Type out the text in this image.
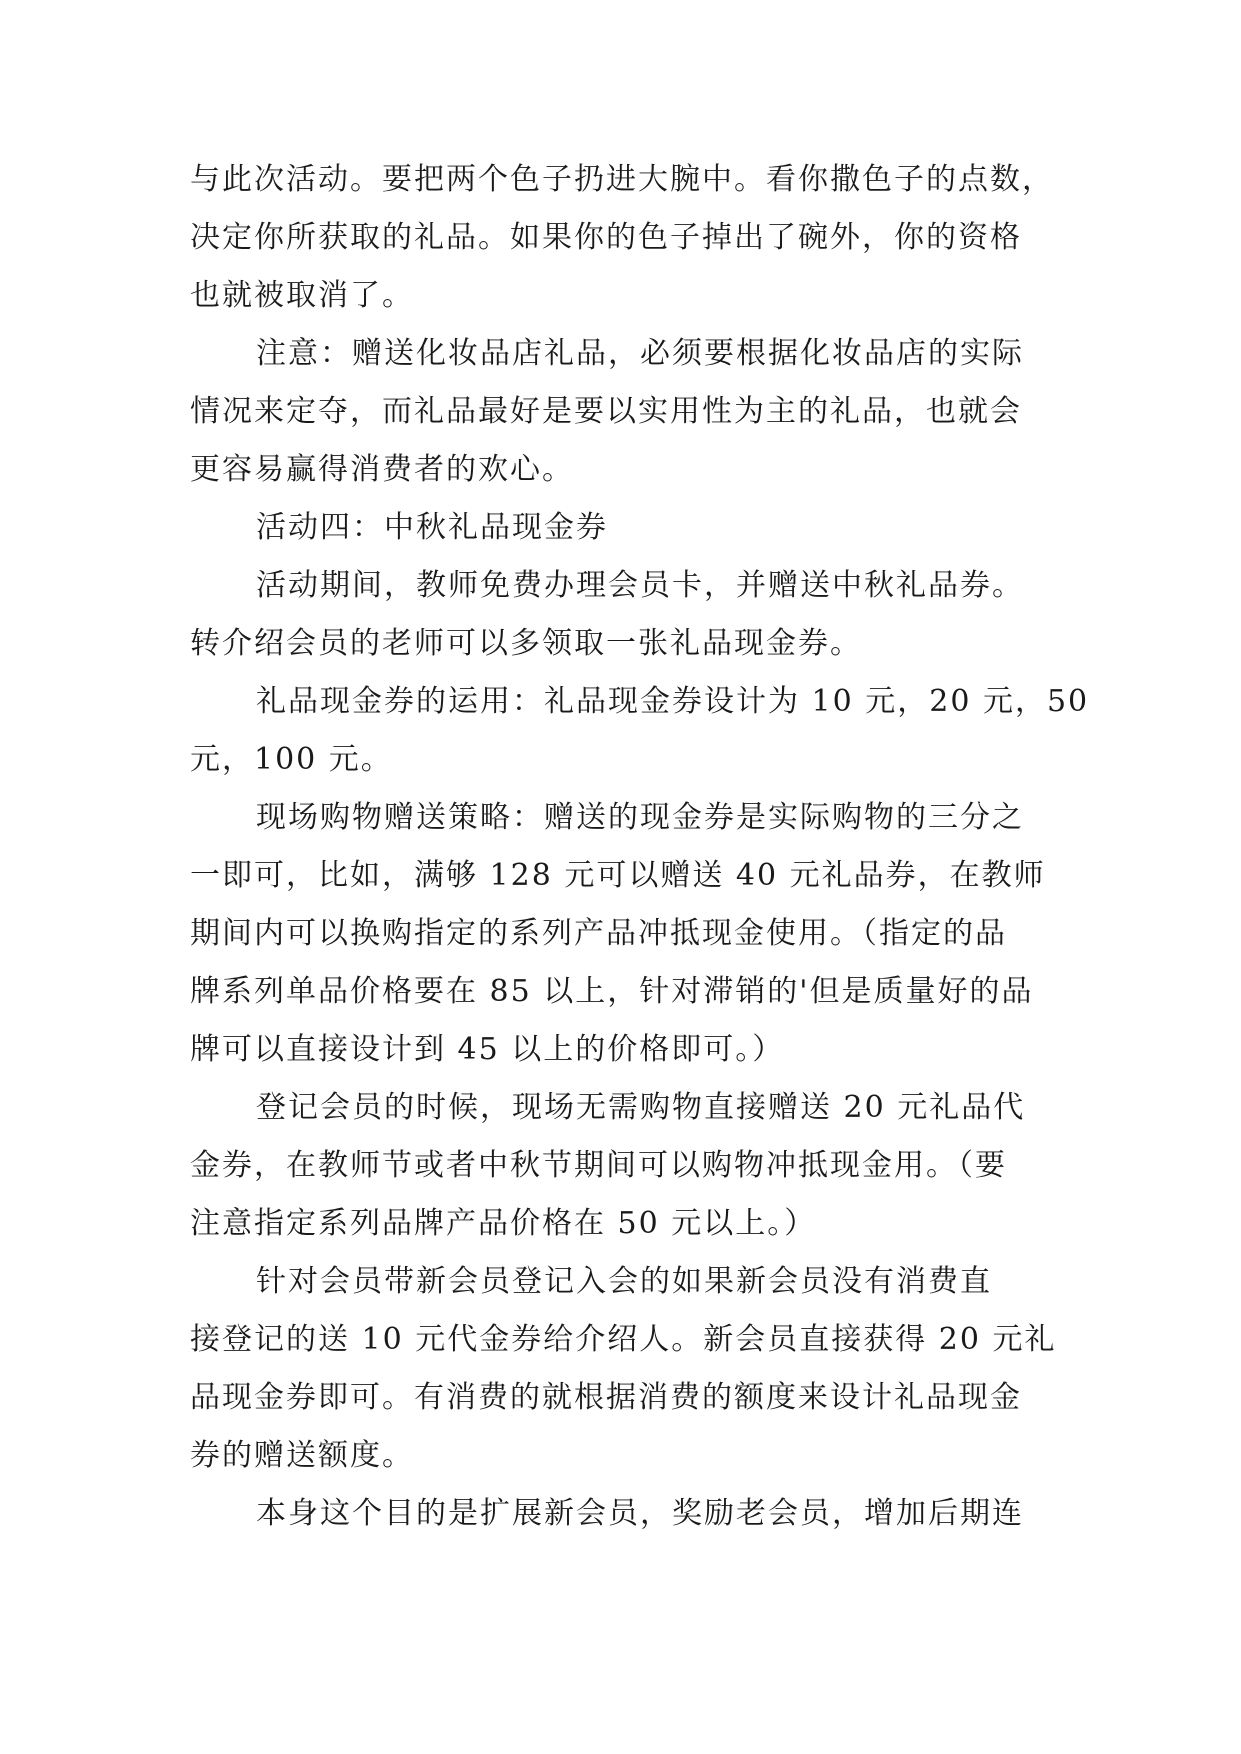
与此次活动。要把两个色子扔进大腕中。看你撒色子的点数，
决定你所获取的礼品。如果你的色子掉出了碗外，你的资格
也就被取消了。
注意：赠送化妆品店礼品，必须要根据化妆品店的实际
情况来定夺，而礼品最好是要以实用性为主的礼品，也就会
更容易赢得消费者的欢心。
活动四：中秋礼品现金券
活动期间，教师免费办理会员卡，并赠送中秋礼品券。
转介绍会员的老师可以多领取一张礼品现金券。
礼品现金券的运用：礼品现金券设计为 10 元，20 元，50
元，100 元。
现场购物赠送策略：赠送的现金券是实际购物的三分之
一即可，比如，满够 128 元可以赠送 40 元礼品券，在教师
期间内可以换购指定的系列产品冲抵现金使用。（指定的品
牌系列单品价格要在 85 以上，针对滞销的'但是质量好的品
牌可以直接设计到 45 以上的价格即可。）
登记会员的时候，现场无需购物直接赠送 20 元礼品代
金券，在教师节或者中秋节期间可以购物冲抵现金用。（要
注意指定系列品牌产品价格在 50 元以上。）
针对会员带新会员登记入会的如果新会员没有消费直
接登记的送 10 元代金券给介绍人。新会员直接获得 20 元礼
品现金券即可。有消费的就根据消费的额度来设计礼品现金
券的赠送额度。
本身这个目的是扩展新会员，奖励老会员，增加后期连
